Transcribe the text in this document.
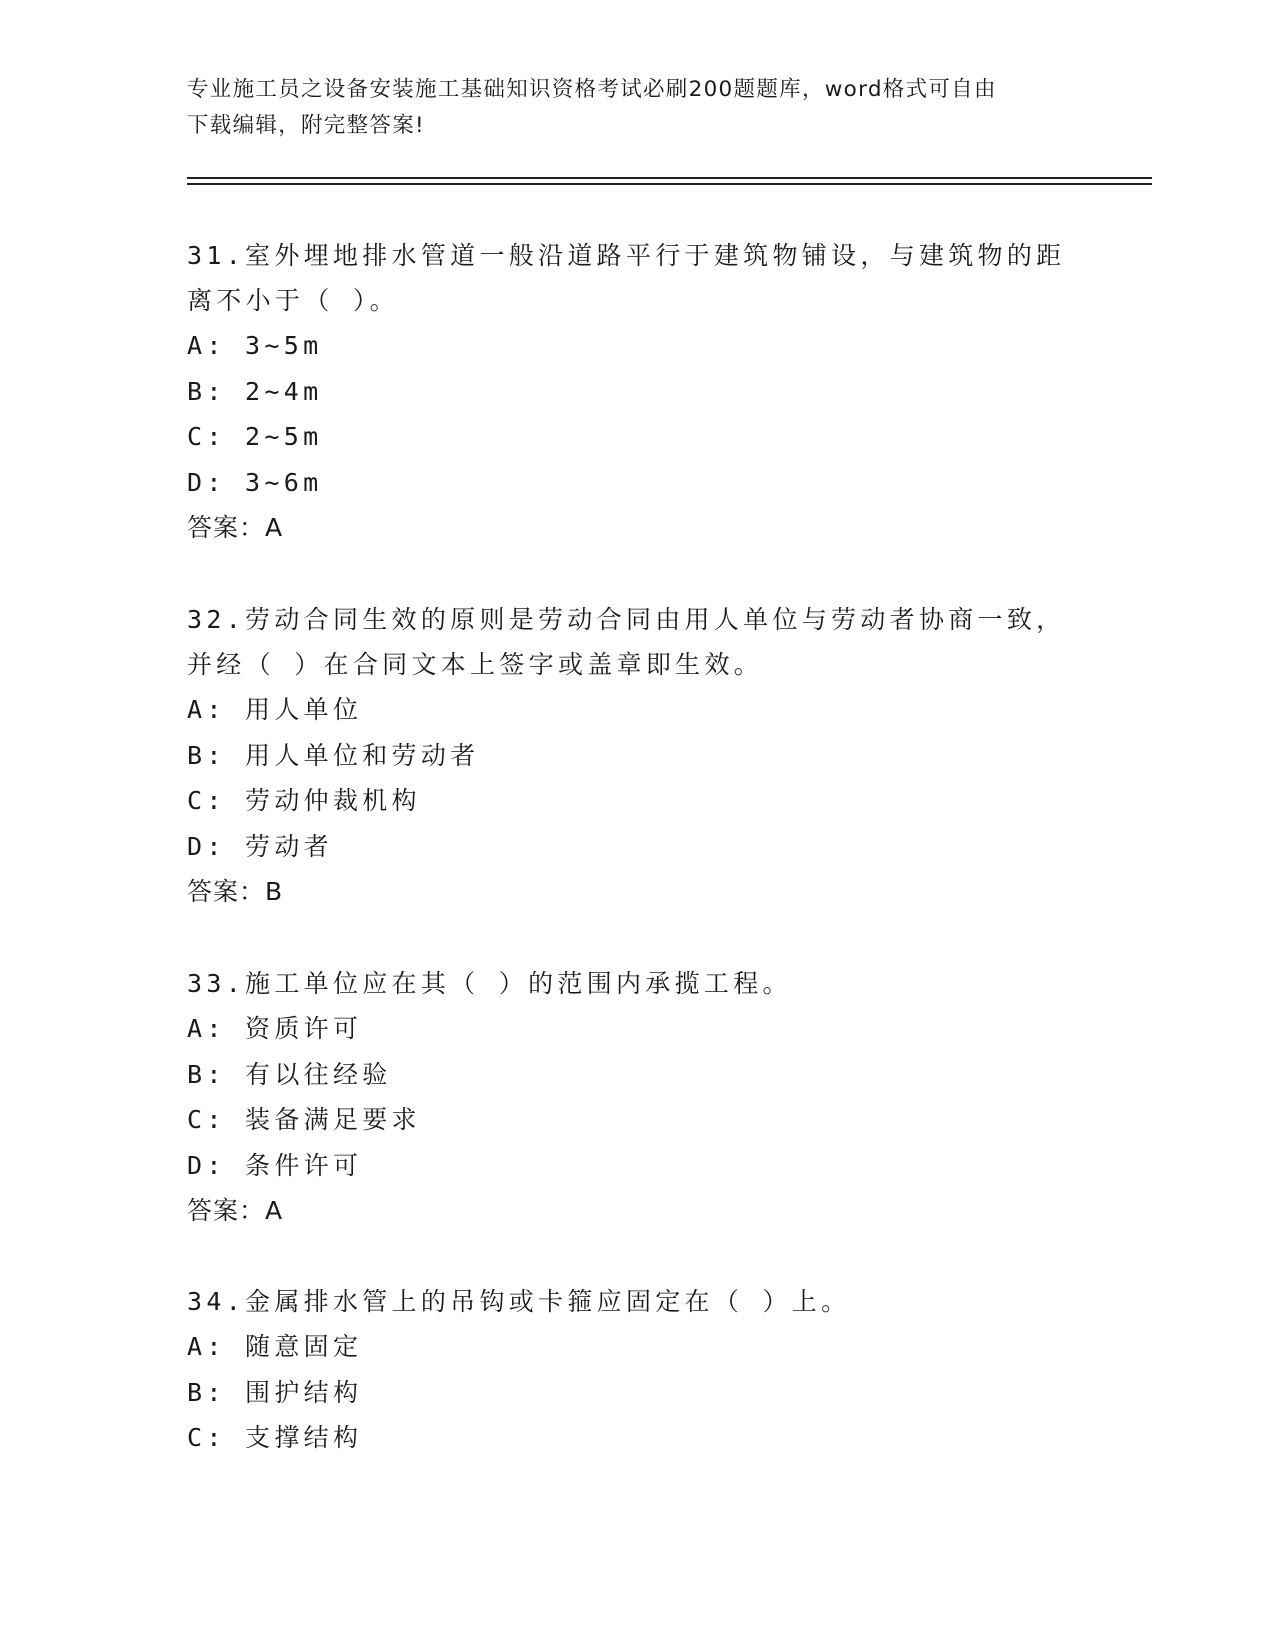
专业施工员之设备安装施工基础知识资格考试必刷200题题库，word格式可自由
下载编辑，附完整答案!

31.室外埋地排水管道一般沿道路平行于建筑物铺设，与建筑物的距离不小于（ ）。

A: 3~5m

B: 2~4m

C: 2~5m

D: 3~6m

答案：A

32.劳动合同生效的原则是劳动合同由用人单位与劳动者协商一致，并经（ ）在合同文本上签字或盖章即生效。

A: 用人单位

B: 用人单位和劳动者

C: 劳动仲裁机构

D: 劳动者

答案：B

33.施工单位应在其（ ）的范围内承揽工程。

A: 资质许可

B: 有以往经验

C: 装备满足要求

D: 条件许可

答案：A

34.金属排水管上的吊钩或卡箍应固定在（ ）上。

A: 随意固定

B: 围护结构

C: 支撑结构
